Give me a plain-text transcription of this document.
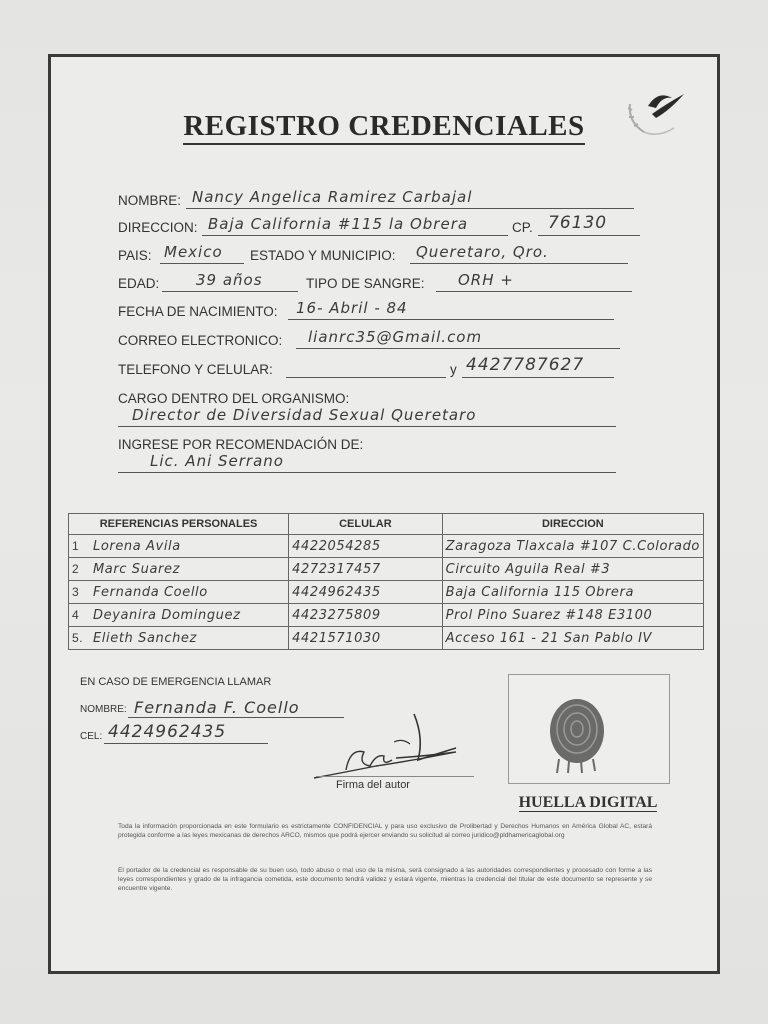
REGISTRO CREDENCIALES
NOMBRE: Nancy Angelica Ramirez Carbajal
DIRECCION: Baja California #115 la Obrera	CP. 76130
PAIS: Mexico ESTADO Y MUNICIPIO: Queretaro, Qro.
EDAD: 39 años	TIPO DE SANGRE: ORH +
FECHA DE NACIMIENTO: 16- Abril - 84
CORREO ELECTRONICO: lianrc35@Gmail.com
TELEFONO Y CELULAR:	y 4427787627
CARGO DENTRO DEL ORGANISMO:
Director de Diversidad Sexual Queretaro
INGRESE POR RECOMENDACIÓN DE:
Lic. Ani Serrano
REFERENCIAS PERSONALES		CELULAR	DIRECCION
1	Lorena Avila	4422054285	Zaragoza Tlaxcala #107 C.Colorado
2	Marc Suarez	4272317457	Circuito Aguila Real #3
3	Fernanda Coello	4424962435	Baja California 115 Obrera
4	Deyanira Dominguez	4423275809	Prol Pino Suarez #148 E3100
5.	Elieth Sanchez	4421571030	Acceso 161 - 21 San Pablo IV
EN CASO DE EMERGENCIA LLAMAR
NOMBRE: Fernanda F. Coello
CEL: 4424962435
Firma del autor
HUELLA DIGITAL
Toda la información proporcionada en este formulario es estrictamente CONFIDENCIAL y para uso exclusivo de Prolibertad y Derechos Humanos en América Global AC, estará protegida conforme a las leyes mexicanas de derechos ARCO, mismos que podrá ejercer enviando su solicitud al correo juridico@pldhamericaglobal.org
El portador de la credencial es responsable de su buen uso, todo abuso o mal uso de la misma, será consignado a las autoridades correspondientes y procesado con forme a las leyes correspondientes y grado de la infragancia cometida, este documento tendrá validez y estará vigente, mientras la credencial del titular de este documento se represente y se encuentre vigente.
